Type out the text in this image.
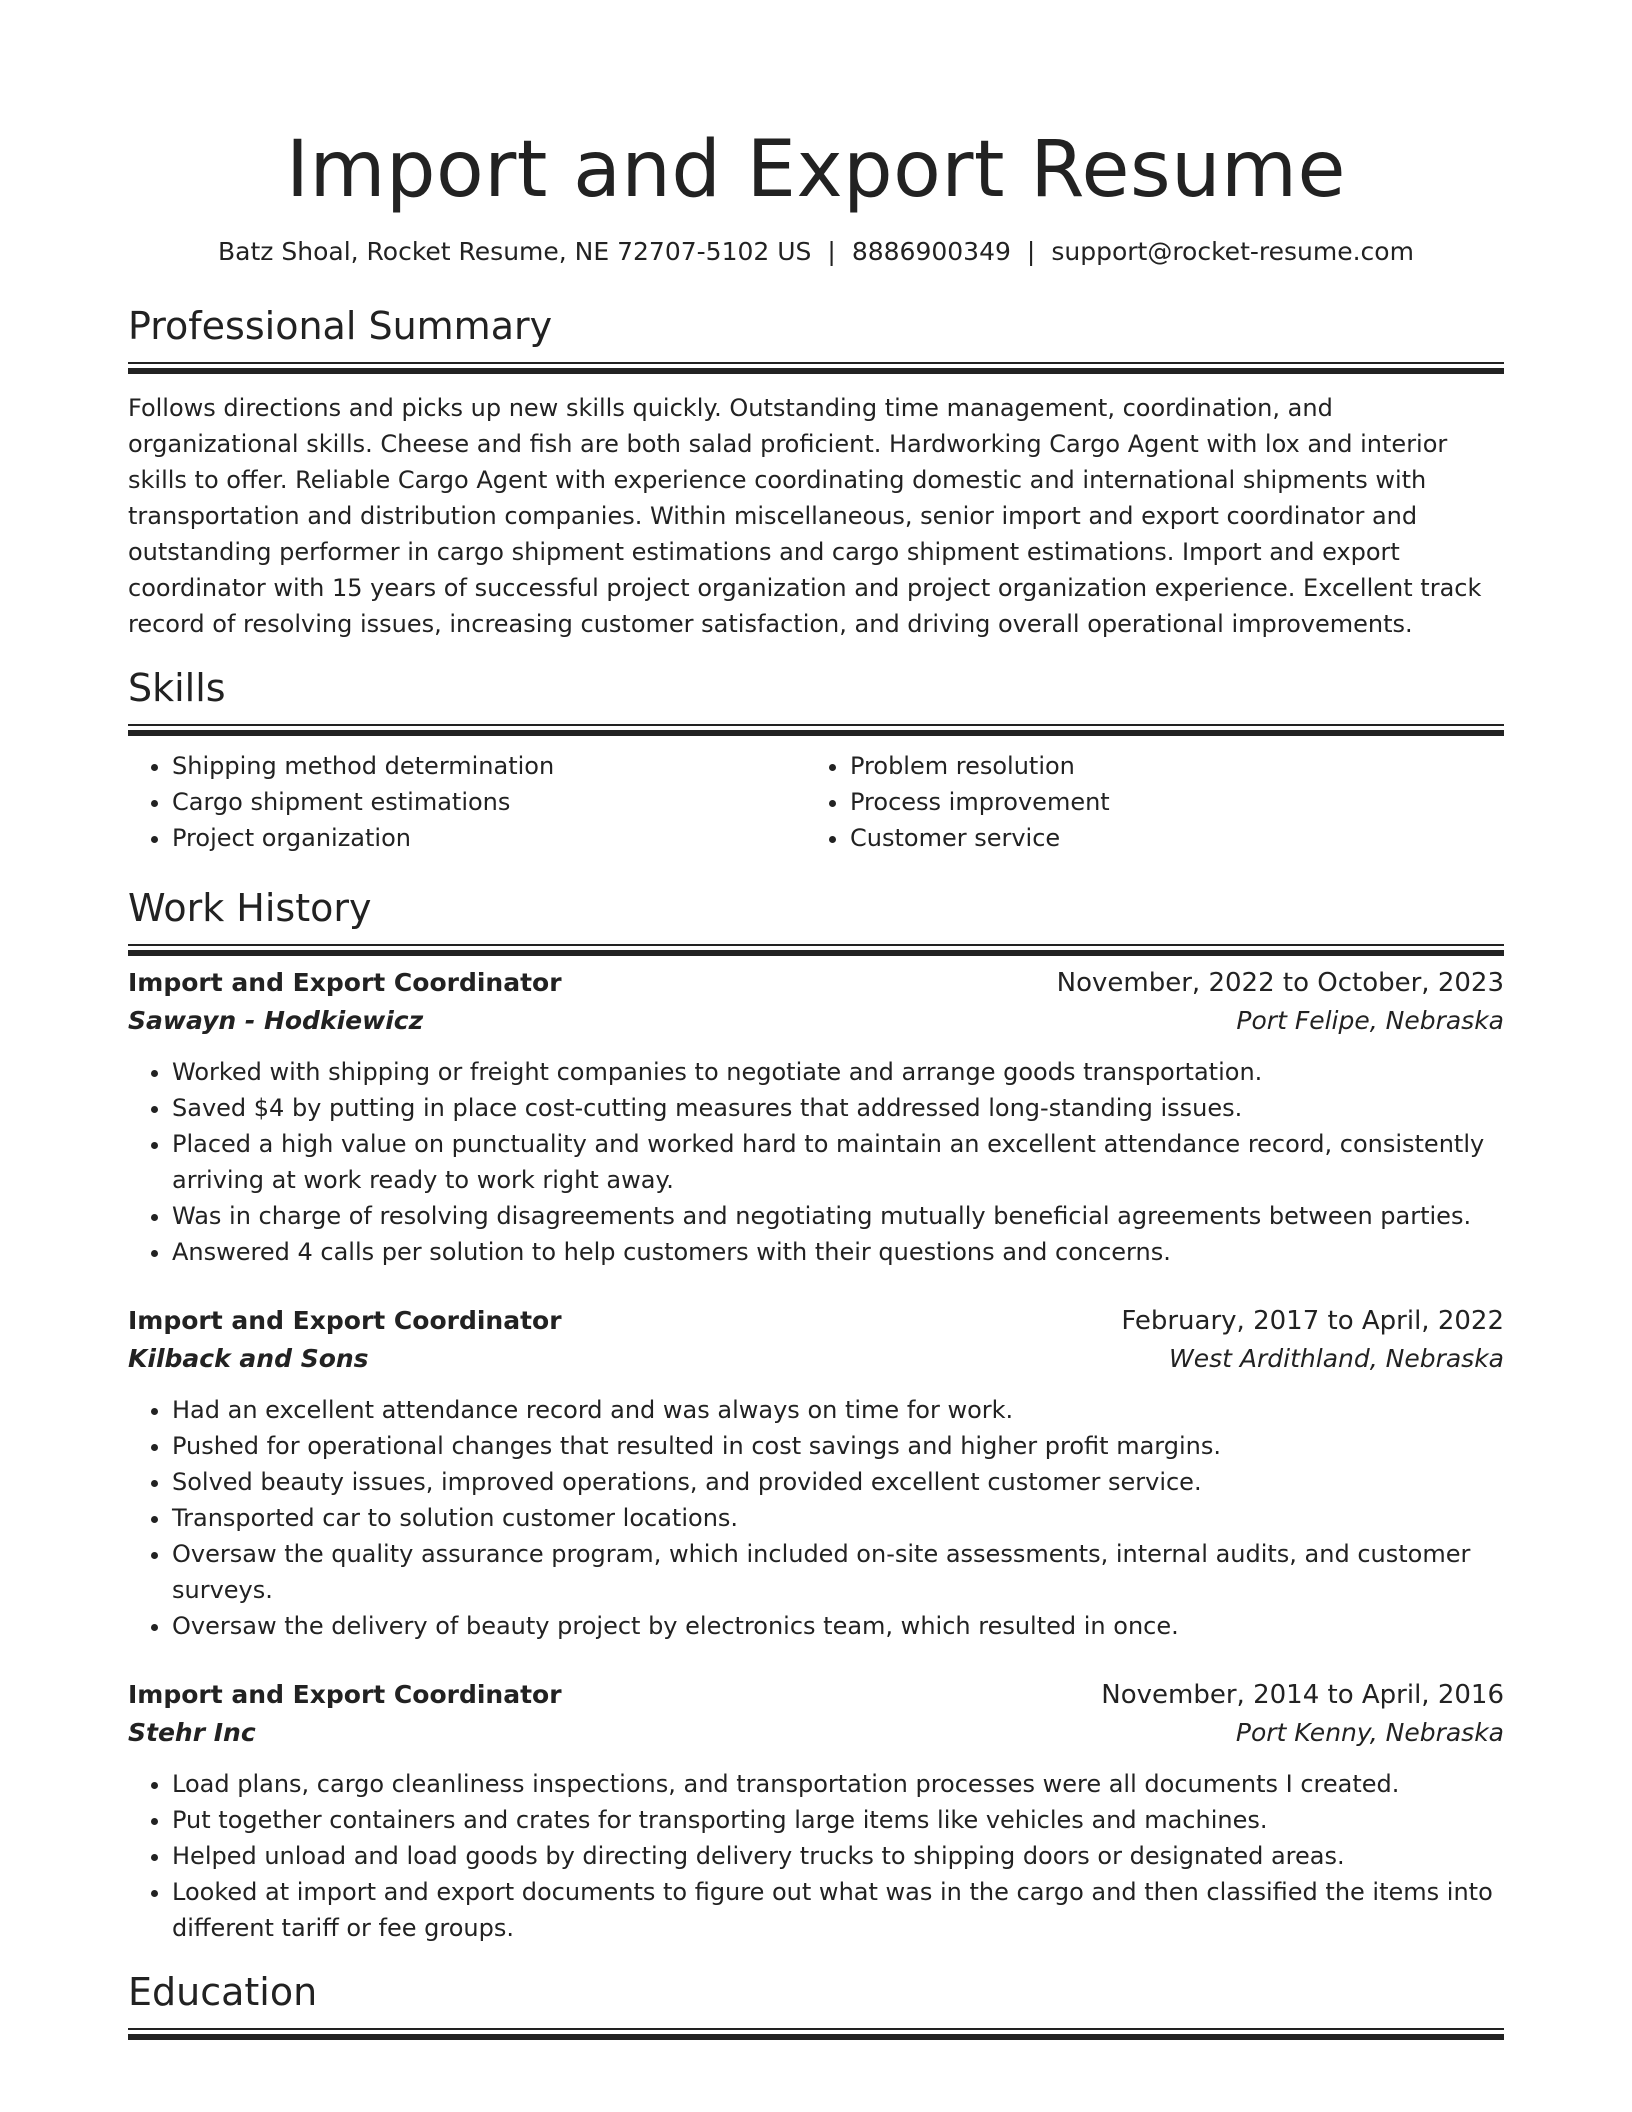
Import and Export Resume
Batz Shoal, Rocket Resume, NE 72707-5102 US | 8886900349 | support@rocket-resume.com
Professional Summary

Follows directions and picks up new skills quickly. Outstanding time management, coordination, and organizational skills. Cheese and fish are both salad proficient. Hardworking Cargo Agent with lox and interior skills to offer. Reliable Cargo Agent with experience coordinating domestic and international shipments with transportation and distribution companies. Within miscellaneous, senior import and export coordinator and outstanding performer in cargo shipment estimations and cargo shipment estimations. Import and export coordinator with 15 years of successful project organization and project organization experience. Excellent track record of resolving issues, increasing customer satisfaction, and driving overall operational improvements.

Skills
• Shipping method determination
• Cargo shipment estimations
• Project organization
• Problem resolution
• Process improvement
• Customer service
Work History
Import and Export Coordinator	November, 2022 to October, 2023
Sawayn - Hodkiewicz	Port Felipe, Nebraska
• Worked with shipping or freight companies to negotiate and arrange goods transportation.
• Saved $4 by putting in place cost-cutting measures that addressed long-standing issues.
• Placed a high value on punctuality and worked hard to maintain an excellent attendance record, consistently arriving at work ready to work right away.
• Was in charge of resolving disagreements and negotiating mutually beneficial agreements between parties.
• Answered 4 calls per solution to help customers with their questions and concerns.
Import and Export Coordinator	February, 2017 to April, 2022
Kilback and Sons	West Ardithland, Nebraska
• Had an excellent attendance record and was always on time for work.
• Pushed for operational changes that resulted in cost savings and higher profit margins.
• Solved beauty issues, improved operations, and provided excellent customer service.
• Transported car to solution customer locations.
• Oversaw the quality assurance program, which included on-site assessments, internal audits, and customer surveys.
• Oversaw the delivery of beauty project by electronics team, which resulted in once.
Import and Export Coordinator	November, 2014 to April, 2016
Stehr Inc	Port Kenny, Nebraska
• Load plans, cargo cleanliness inspections, and transportation processes were all documents I created.
• Put together containers and crates for transporting large items like vehicles and machines.
• Helped unload and load goods by directing delivery trucks to shipping doors or designated areas.
• Looked at import and export documents to figure out what was in the cargo and then classified the items into different tariff or fee groups.
Education
